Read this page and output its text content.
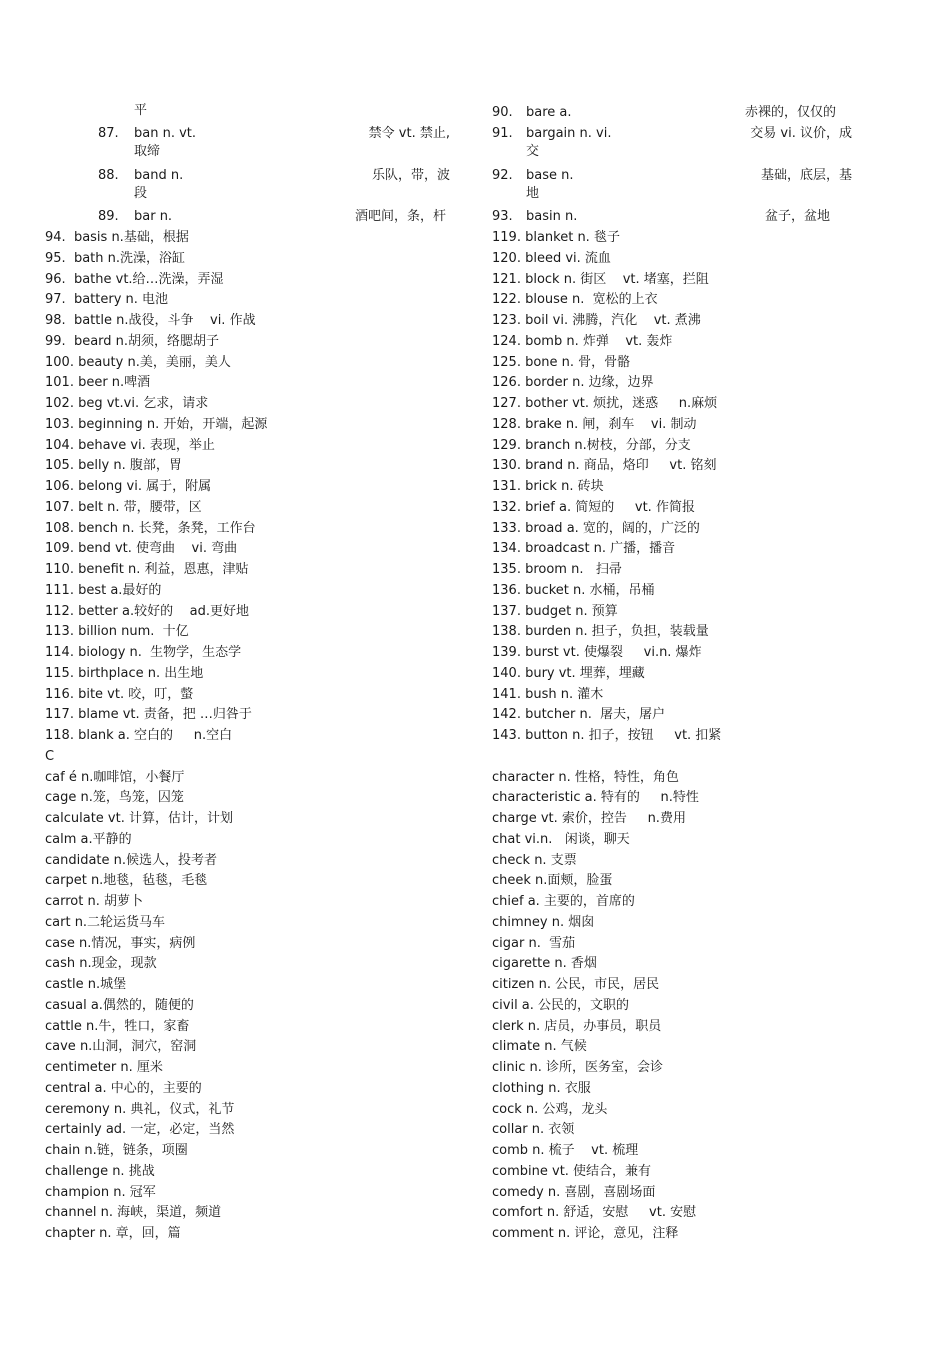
平
87. ban n. vt.	禁令 vt. 禁止,
取缔
88. band n.	乐队，带，波
段
89. bar n.	酒吧间，条，杆
90. bare a.	赤裸的，仅仅的
91. bargain n. vi.	交易 vi. 议价，成
交
92. base n.	基础，底层，基
地
93. basin n.	盆子，盆地
94.  basis n.基础，根据
95.  bath n.洗澡，浴缸
96.  bathe vt.给…洗澡，弄湿
97.  battery n. 电池
98.  battle n.战役，斗争    vi. 作战
99.  beard n.胡须，络腮胡子
100. beauty n.美，美丽，美人
101. beer n.啤酒
102. beg vt.vi. 乞求，请求
103. beginning n. 开始，开端，起源
104. behave vi. 表现，举止
105. belly n. 腹部，胃
106. belong vi. 属于，附属
107. belt n. 带，腰带，区
108. bench n. 长凳，条凳，工作台
109. bend vt. 使弯曲    vi. 弯曲
110. benefit n. 利益，恩惠，津贴
111. best a.最好的
112. better a.较好的    ad.更好地
113. billion num.  十亿
114. biology n.  生物学，生态学
115. birthplace n. 出生地
116. bite vt. 咬，叮，螫
117. blame vt. 责备，把 …归咎于
118. blank a. 空白的     n.空白
C
caf é n.咖啡馆，小餐厅
cage n.笼，鸟笼，囚笼
calculate vt. 计算，估计，计划
calm a.平静的
candidate n.候选人，投考者
carpet n.地毯，毡毯，毛毯
carrot n. 胡萝卜
cart n.二轮运货马车
case n.情况，事实，病例
cash n.现金，现款
castle n.城堡
casual a.偶然的，随便的
cattle n.牛，牲口，家畜
cave n.山洞，洞穴，窑洞
centimeter n. 厘米
central a. 中心的，主要的
ceremony n. 典礼，仪式，礼节
certainly ad. 一定，必定，当然
chain n.链，链条，项圈
challenge n. 挑战
champion n. 冠军
channel n. 海峡，渠道，频道
chapter n. 章，回，篇
119. blanket n. 毯子
120. bleed vi. 流血
121. block n. 街区    vt. 堵塞，拦阻
122. blouse n.  宽松的上衣
123. boil vi. 沸腾，汽化    vt. 煮沸
124. bomb n. 炸弹    vt. 轰炸
125. bone n. 骨，骨骼
126. border n. 边缘，边界
127. bother vt. 烦扰，迷惑     n.麻烦
128. brake n. 闸，刹车    vi. 制动
129. branch n.树枝，分部，分支
130. brand n. 商品，烙印     vt. 铭刻
131. brick n. 砖块
132. brief a. 简短的     vt. 作简报
133. broad a. 宽的，阔的，广泛的
134. broadcast n. 广播，播音
135. broom n.   扫帚
136. bucket n. 水桶，吊桶
137. budget n. 预算
138. burden n. 担子，负担，装载量
139. burst vt. 使爆裂     vi.n. 爆炸
140. bury vt. 埋葬，埋藏
141. bush n. 灌木
142. butcher n.  屠夫，屠户
143. button n. 扣子，按钮     vt. 扣紧
character n. 性格，特性，角色
characteristic a. 特有的     n.特性
charge vt. 索价，控告     n.费用
chat vi.n.   闲谈，聊天
check n. 支票
cheek n.面颊，脸蛋
chief a. 主要的，首席的
chimney n. 烟囱
cigar n.  雪茄
cigarette n. 香烟
citizen n. 公民，市民，居民
civil a. 公民的，文职的
clerk n. 店员，办事员，职员
climate n. 气候
clinic n. 诊所，医务室，会诊
clothing n. 衣服
cock n. 公鸡，龙头
collar n. 衣领
comb n. 梳子    vt. 梳理
combine vt. 使结合，兼有
comedy n. 喜剧，喜剧场面
comfort n. 舒适，安慰     vt. 安慰
comment n. 评论，意见，注释
